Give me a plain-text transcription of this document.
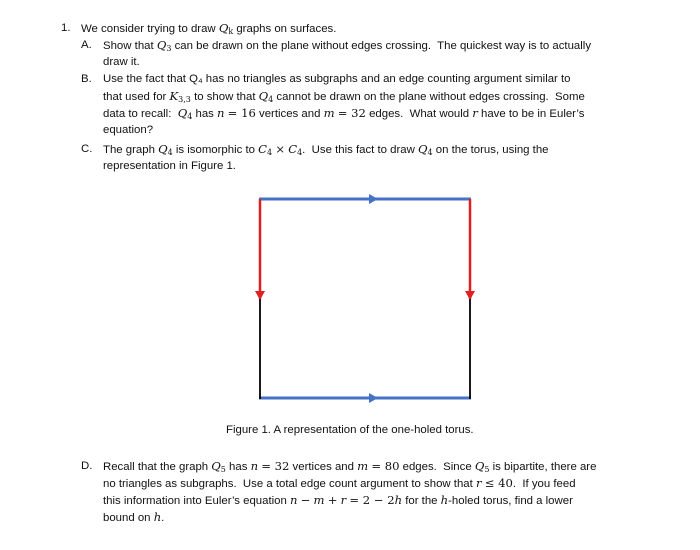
1. We consider trying to draw $Q_k$ graphs on surfaces.
A. Show that $Q_3$ can be drawn on the plane without edges crossing.  The quickest way is to actually
draw it.
B. Use the fact that Q₄ has no triangles as subgraphs and an edge counting argument similar to
that used for $K_{3,3}$ to show that $Q_4$ cannot be drawn on the plane without edges crossing.  Some
data to recall:  $Q_4$ has n = 16 vertices and m = 32 edges.  What would r have to be in Euler’s
equation?
C. The graph $Q_4$ is isomorphic to $C_4 \times C_4$.  Use this fact to draw $Q_4$ on the torus, using the
representation in Figure 1.
Figure 1. A representation of the one-holed torus.
D. Recall that the graph $Q_5$ has n = 32 vertices and m = 80 edges.  Since $Q_5$ is bipartite, there are
no triangles as subgraphs.  Use a total edge count argument to show that r ≤ 40.  If you feed
this information into Euler’s equation n − m + r = 2 − 2h for the h-holed torus, find a lower
bound on h.
